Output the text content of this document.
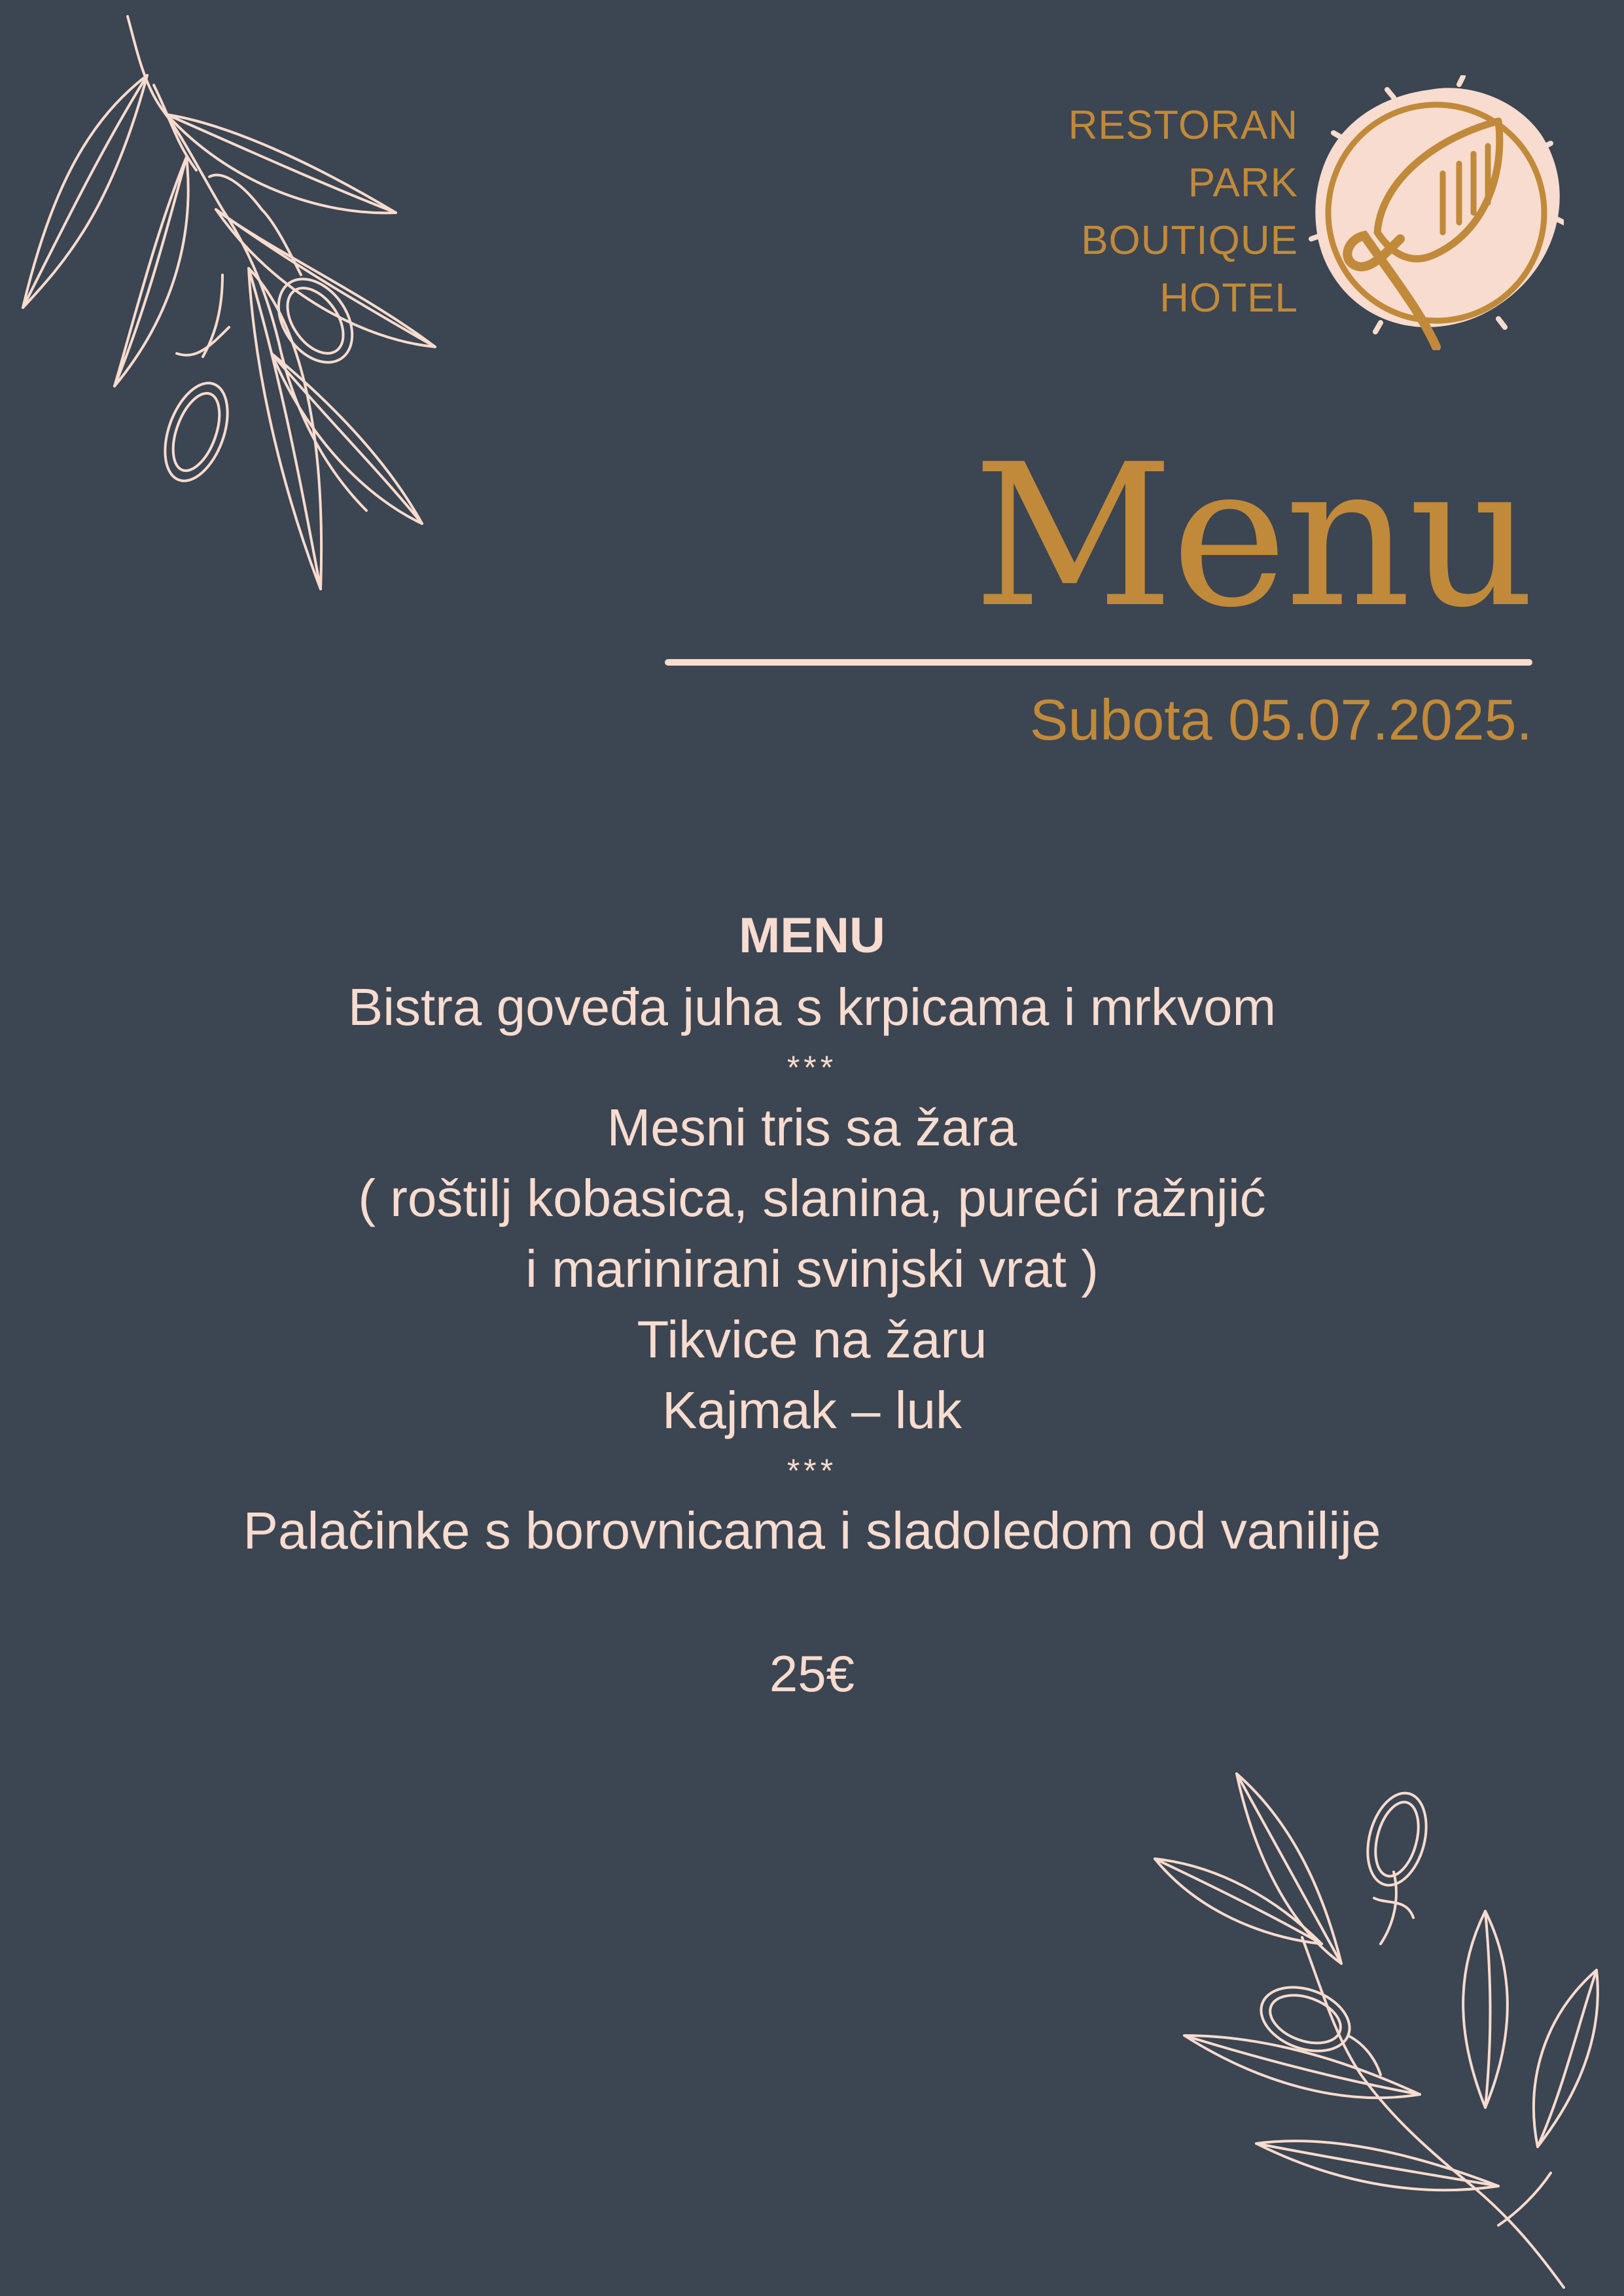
RESTORAN
PARK
BOUTIQUE
HOTEL
Menu
Subota 05.07.2025.
MENU
Bistra goveđa juha s krpicama i mrkvom
***
Mesni tris sa žara
( roštilj kobasica, slanina, pureći ražnjić
i marinirani svinjski vrat )
Tikvice na žaru
Kajmak – luk
***
Palačinke s borovnicama i sladoledom od vanilije
25€
